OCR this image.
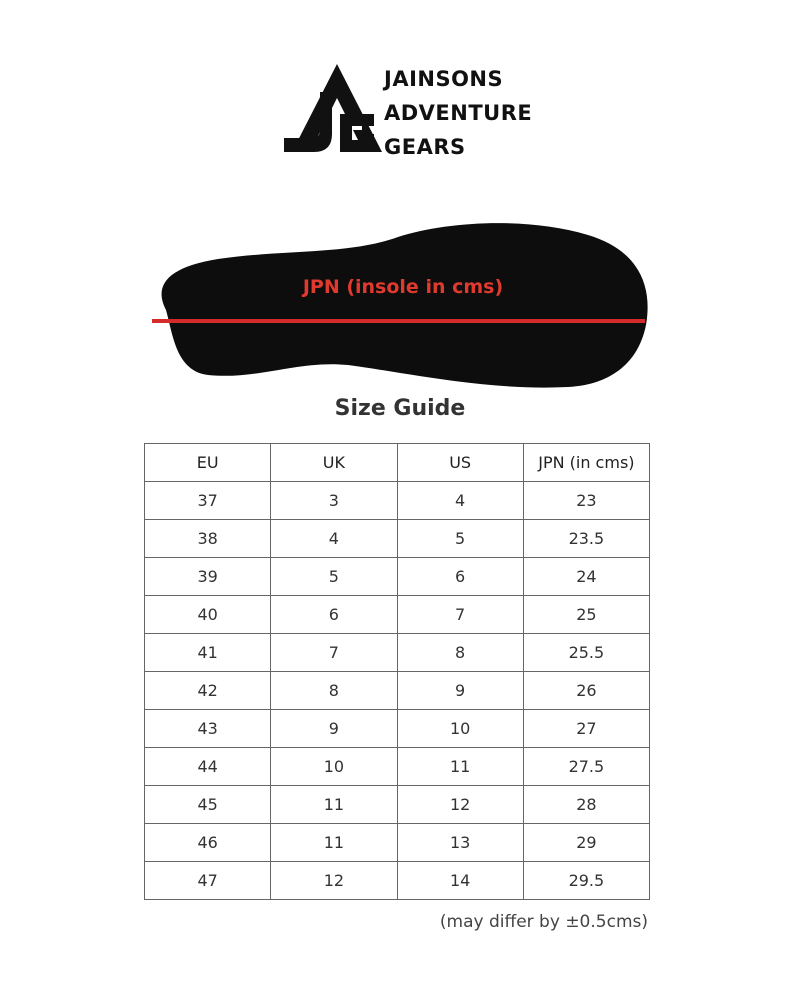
JAINSONS
ADVENTURE
GEARS
JPN (insole in cms)
Size Guide
EU	UK	US	JPN (in cms)
37	3	4	23
38	4	5	23.5
39	5	6	24
40	6	7	25
41	7	8	25.5
42	8	9	26
43	9	10	27
44	10	11	27.5
45	11	12	28
46	11	13	29
47	12	14	29.5
(may differ by ±0.5cms)
